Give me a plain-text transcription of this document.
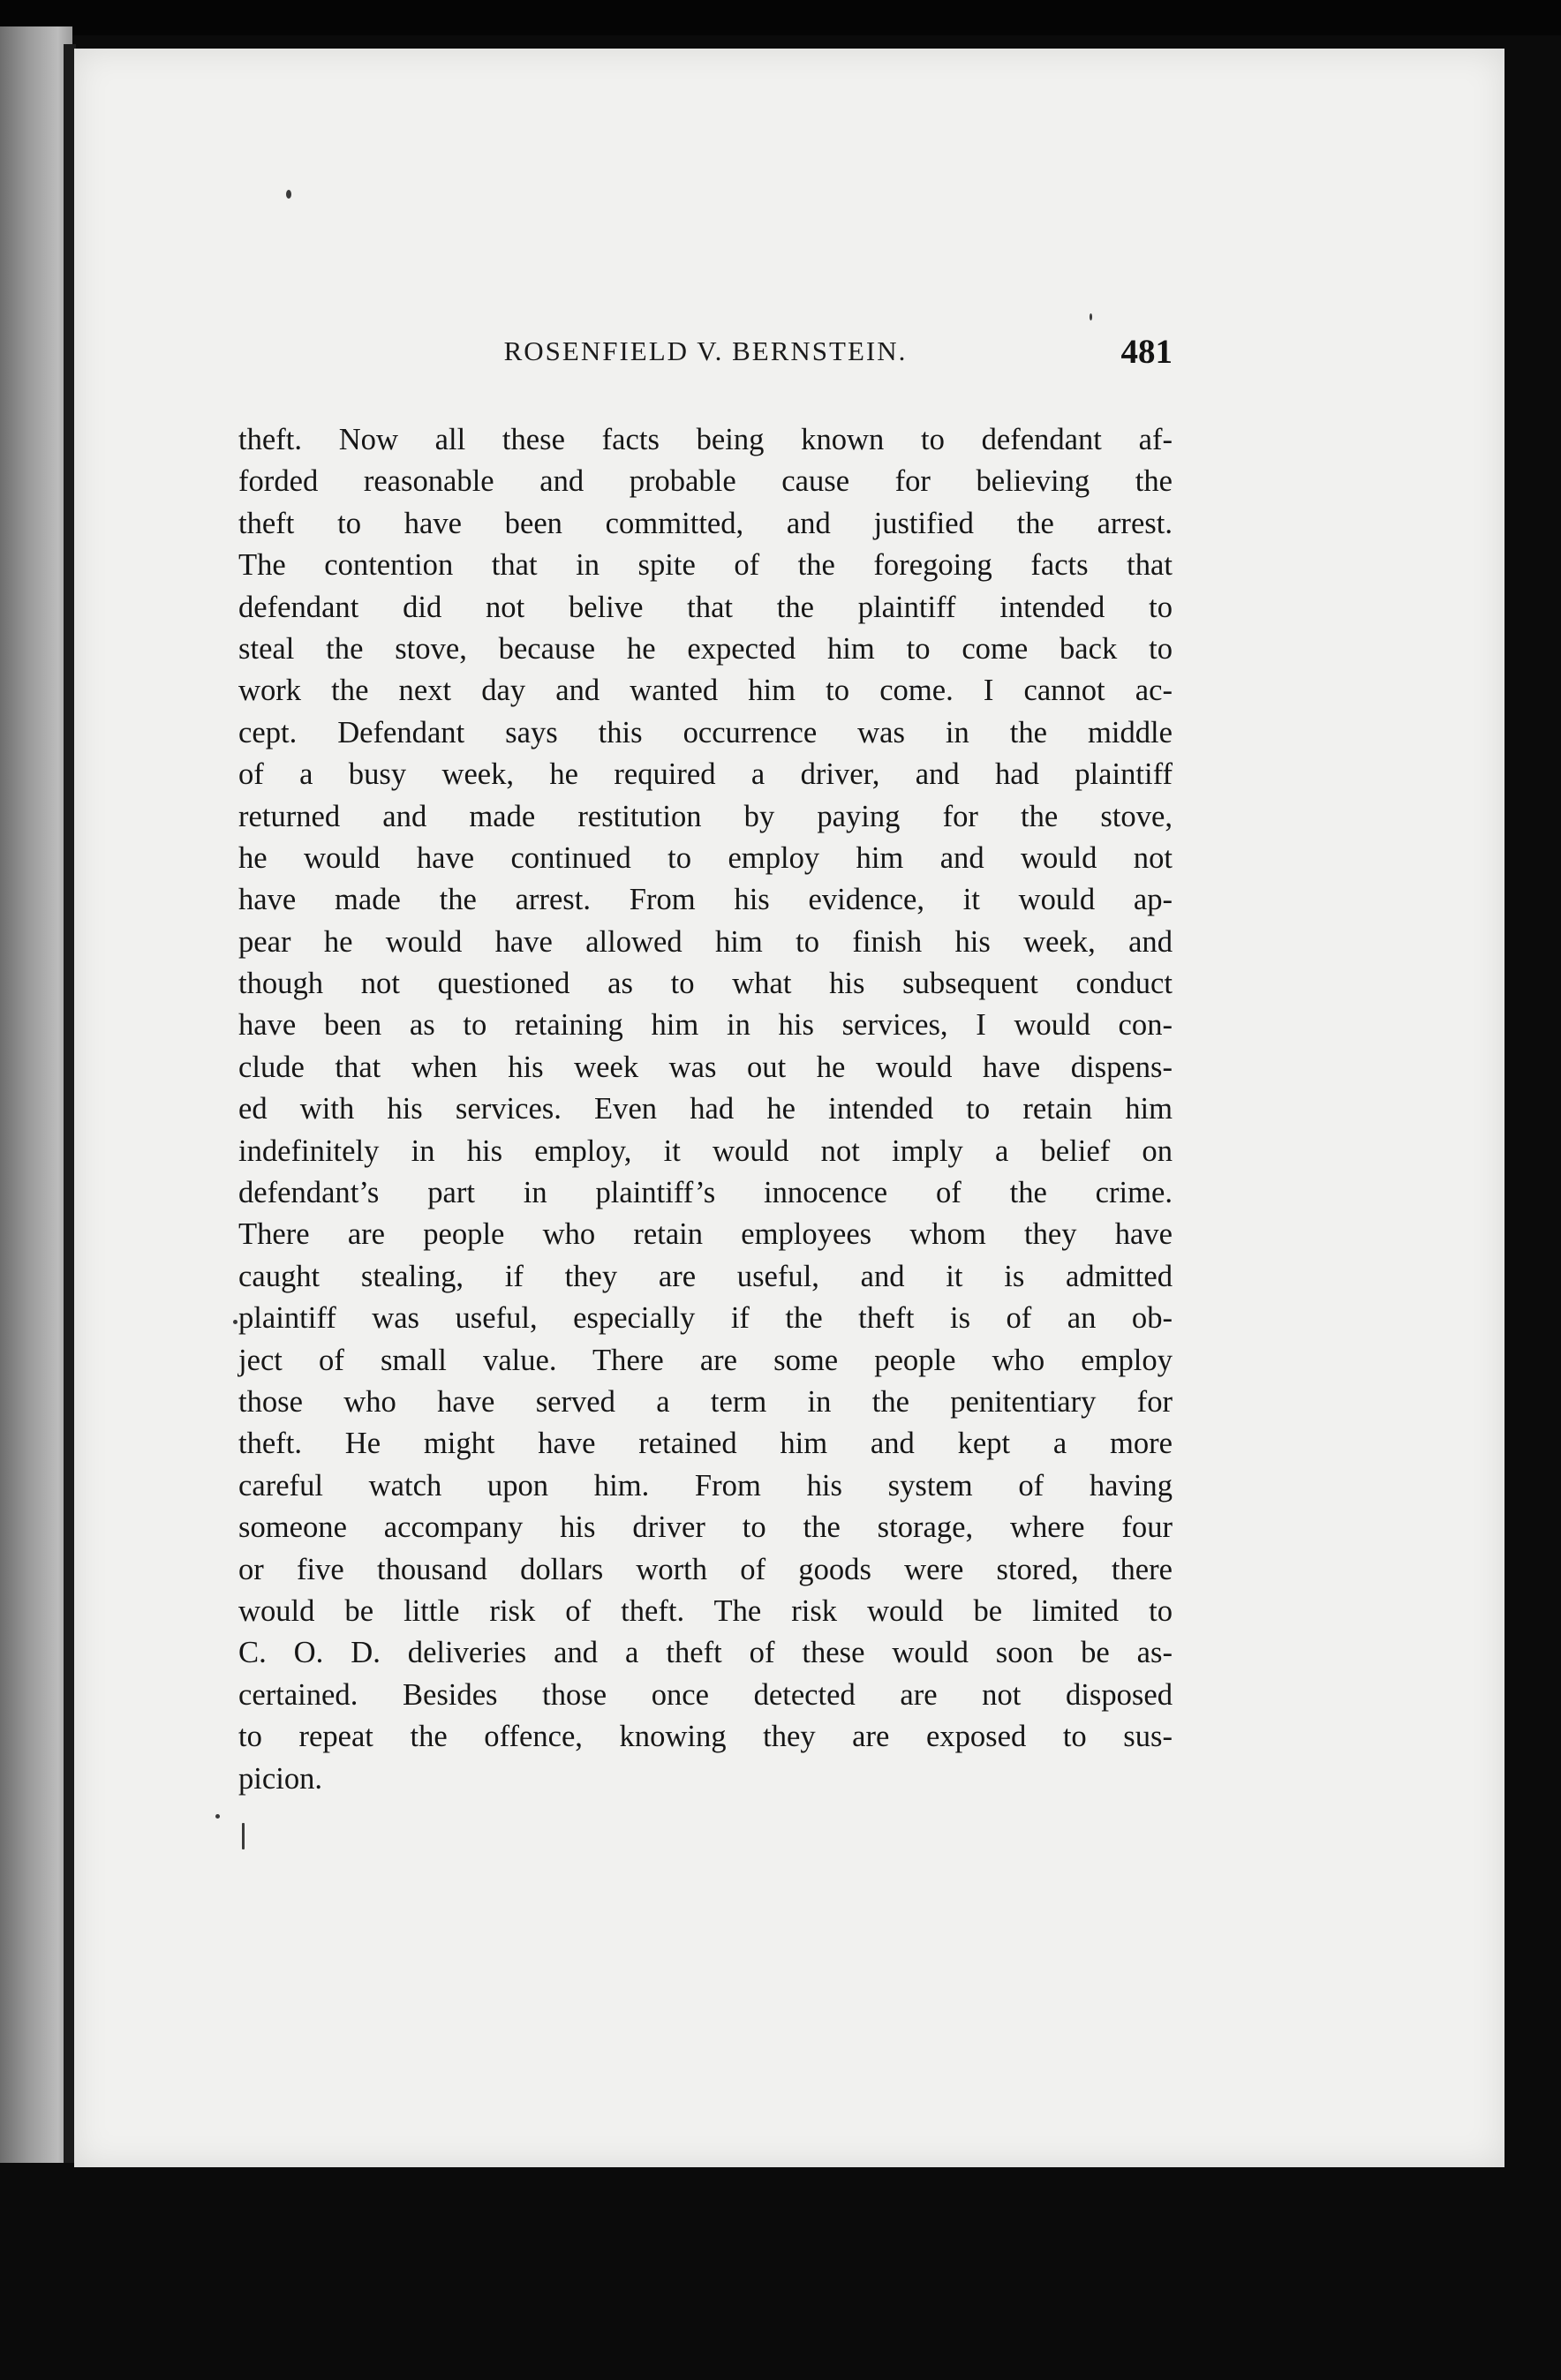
ROSENFIELD V. BERNSTEIN.	481
theft. Now all these facts being known to defendant af-
forded reasonable and probable cause for believing the
theft to have been committed, and justified the arrest.
The contention that in spite of the foregoing facts that
defendant did not belive that the plaintiff intended to
steal the stove, because he expected him to come back to
work the next day and wanted him to come. I cannot ac-
cept. Defendant says this occurrence was in the middle
of a busy week, he required a driver, and had plaintiff
returned and made restitution by paying for the stove,
he would have continued to employ him and would not
have made the arrest. From his evidence, it would ap-
pear he would have allowed him to finish his week, and
though not questioned as to what his subsequent conduct
have been as to retaining him in his services, I would con-
clude that when his week was out he would have dispens-
ed with his services. Even had he intended to retain him
indefinitely in his employ, it would not imply a belief on
defendant’s part in plaintiff’s innocence of the crime.
There are people who retain employees whom they have
caught stealing, if they are useful, and it is admitted
plaintiff was useful, especially if the theft is of an ob-
ject of small value. There are some people who employ
those who have served a term in the penitentiary for
theft. He might have retained him and kept a more
careful watch upon him. From his system of having
someone accompany his driver to the storage, where four
or five thousand dollars worth of goods were stored, there
would be little risk of theft. The risk would be limited to
C. O. D. deliveries and a theft of these would soon be as-
certained. Besides those once detected are not disposed
to repeat the offence, knowing they are exposed to sus-
picion.
